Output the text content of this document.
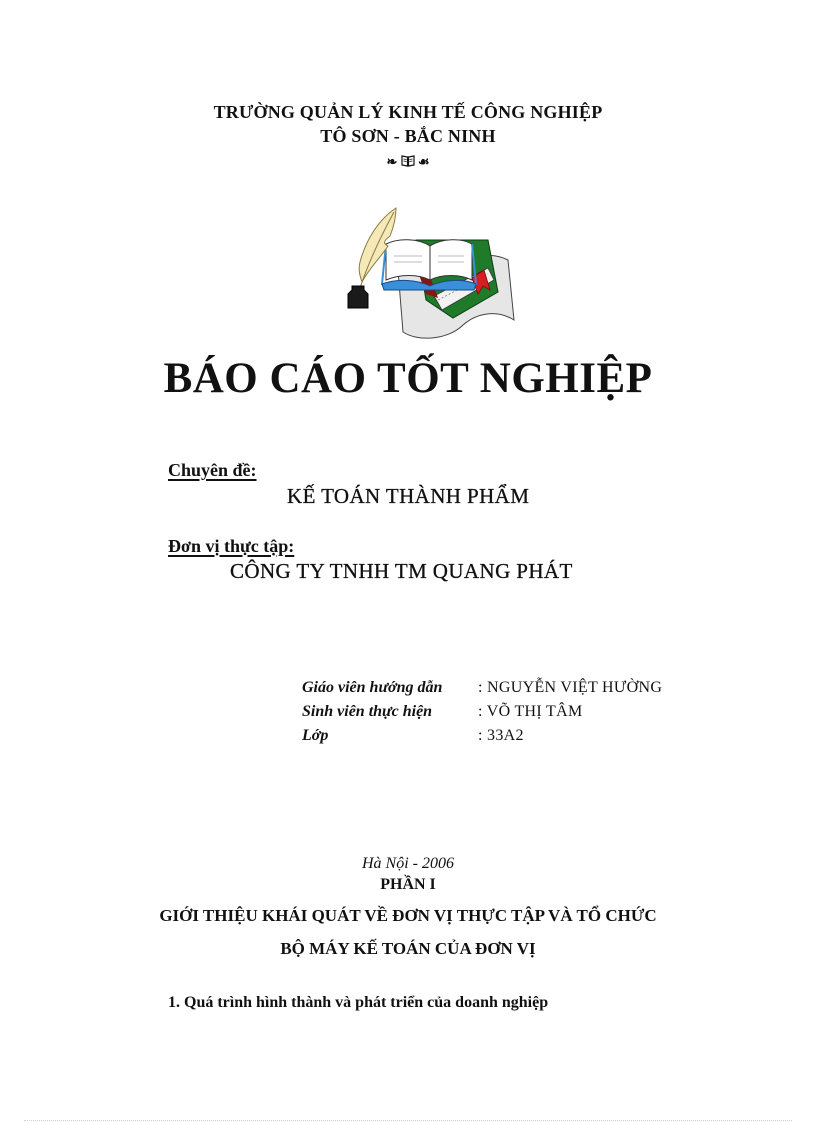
TRƯỜNG QUẢN LÝ KINH TẾ CÔNG NGHIỆP
TÔ SƠN - BẮC NINH
❧ ☙
BÁO CÁO TỐT NGHIỆP
Chuyên đề:
KẾ TOÁN THÀNH PHẨM
Đơn vị thực tập:
CÔNG TY TNHH TM QUANG PHÁT
Giáo viên hướng dẫn	: NGUYỄN VIỆT HƯỜNG
Sinh viên thực hiện	: VÕ THỊ TÂM
Lớp	: 33A2
Hà Nội - 2006
PHẦN I
GIỚI THIỆU KHÁI QUÁT VỀ ĐƠN VỊ THỰC TẬP VÀ TỔ CHỨC
BỘ MÁY KẾ TOÁN CỦA ĐƠN VỊ
1. Quá trình hình thành và phát triển của doanh nghiệp
